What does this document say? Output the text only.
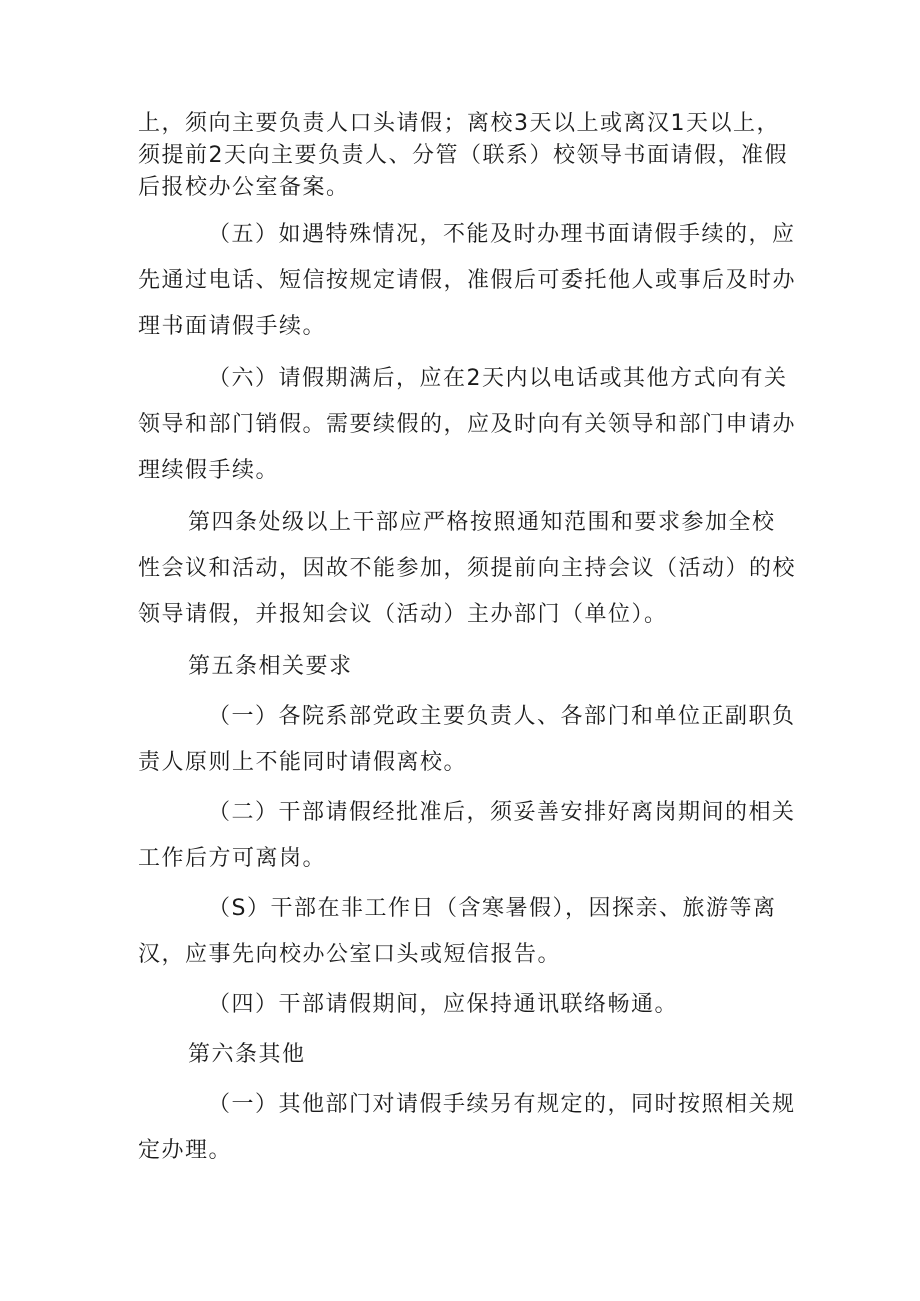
上，须向主要负责人口头请假；离校3天以上或离汉1天以上，
须提前2天向主要负责人、分管（联系）校领导书面请假，准假
后报校办公室备案。
（五）如遇特殊情况，不能及时办理书面请假手续的，应
先通过电话、短信按规定请假，准假后可委托他人或事后及时办
理书面请假手续。
（六）请假期满后，应在2天内以电话或其他方式向有关
领导和部门销假。需要续假的，应及时向有关领导和部门申请办
理续假手续。
第四条处级以上干部应严格按照通知范围和要求参加全校
性会议和活动，因故不能参加，须提前向主持会议（活动）的校
领导请假，并报知会议（活动）主办部门（单位）。
第五条相关要求
（一）各院系部党政主要负责人、各部门和单位正副职负
责人原则上不能同时请假离校。
（二）干部请假经批准后，须妥善安排好离岗期间的相关
工作后方可离岗。
（S）干部在非工作日（含寒暑假），因探亲、旅游等离
汉，应事先向校办公室口头或短信报告。
（四）干部请假期间，应保持通讯联络畅通。
第六条其他
（一）其他部门对请假手续另有规定的，同时按照相关规
定办理。
